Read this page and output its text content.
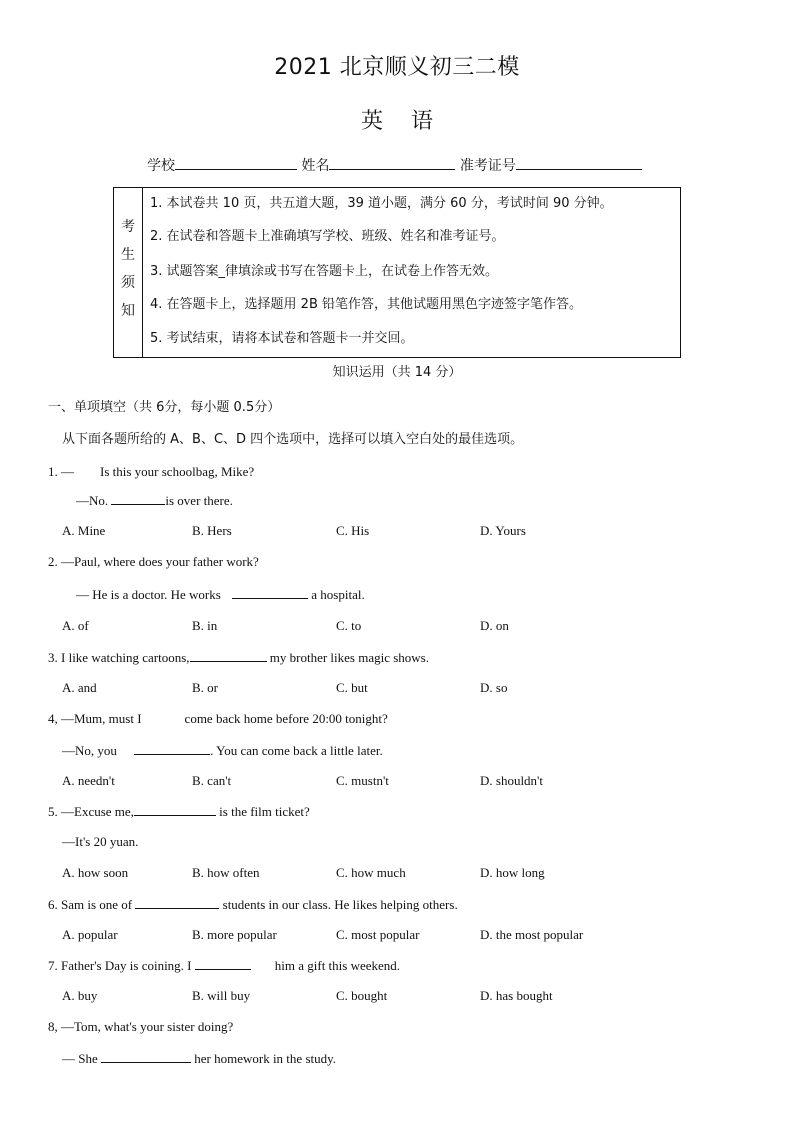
2021 北京顺义初三二模
英语
学校	姓名	准考证号
考
生
须
知
1. 本试卷共 10 页，共五道大题，39 道小题，满分 60 分，考试时间 90 分钟。
2. 在试卷和答题卡上准确填写学校、班级、姓名和准考证号。
3. 试题答案_律填涂或书写在答题卡上，在试卷上作答无效。
4. 在答题卡上，选择题用 2B 铅笔作答，其他试题用黑色字迹签字笔作答。
5. 考试结束，请将本试卷和答题卡一并交回。
知识运用（共 14 分）
一、单项填空（共 6分，每小题 0.5分）
从下面各题所给的 A、B、C、D 四个选项中，选择可以填入空白处的最佳选项。
1. —　　Is this your schoolbag, Mike?
—No.	is over there.
A. Mine	B. Hers	C. His	D. Yours
2. —Paul, where does your father work?
— He is a doctor. He works	a hospital.
A. of	B. in	C. to	D. on
3. I like watching cartoons,	my brother likes magic shows.
A. and	B. or	C. but	D. so
4, —Mum, must I	come back home before 20:00 tonight?
—No, you	. You can come back a little later.
A. needn't	B. can't	C. mustn't	D. shouldn't
5. —Excuse me,	is the film ticket?
—It's 20 yuan.
A. how soon	B. how often	C. how much	D. how long
6. Sam is one of	students in our class. He likes helping others.
A. popular	B. more popular	C. most popular	D. the most popular
7. Father's Day is coining. I	him a gift this weekend.
A. buy	B. will buy	C. bought	D. has bought
8, —Tom, what's your sister doing?
— She	her homework in the study.
